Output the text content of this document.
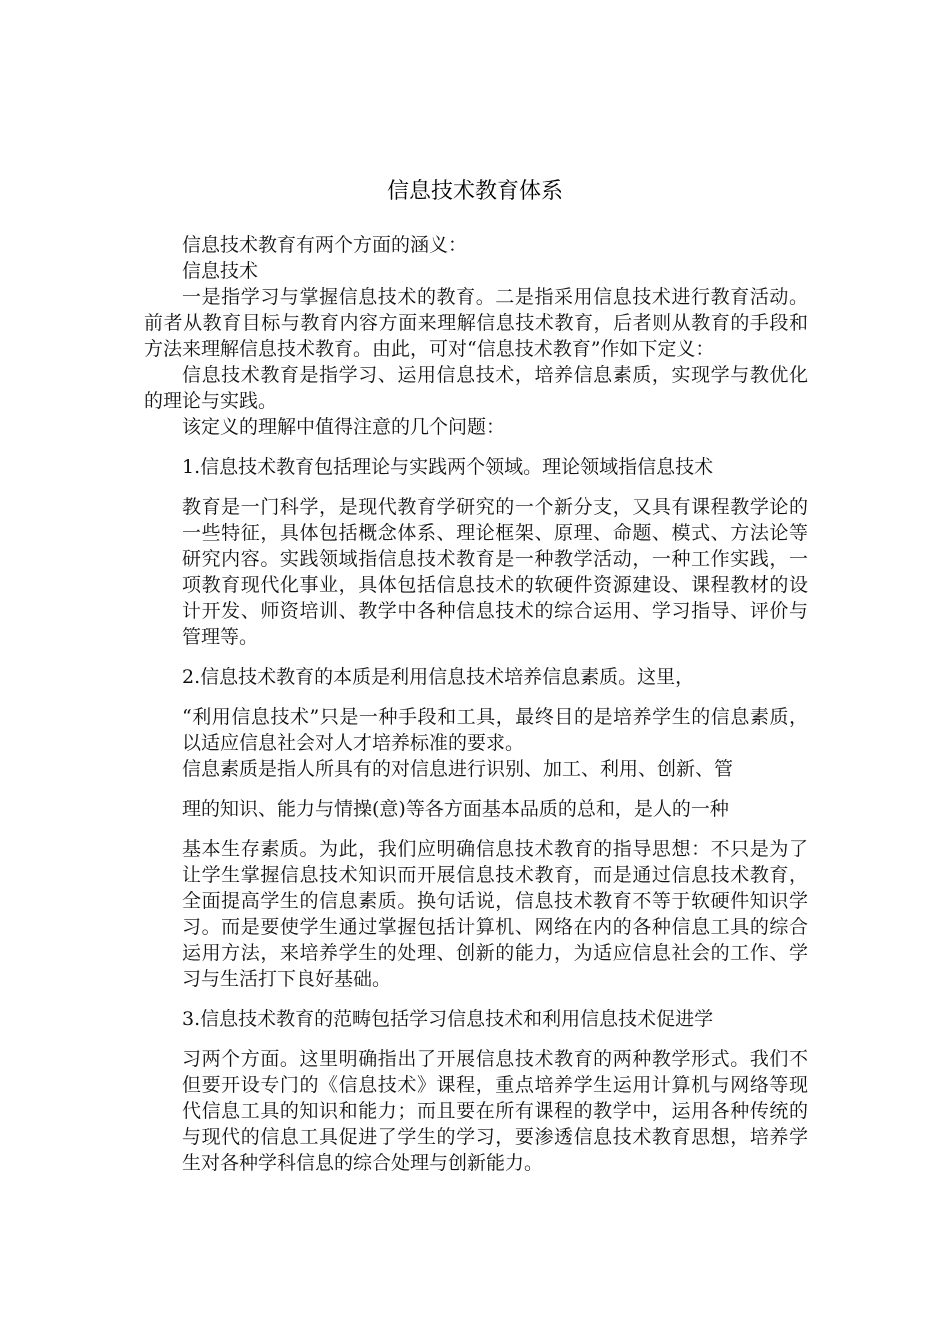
信息技术教育体系

信息技术教育有两个方面的涵义：

信息技术

一是指学习与掌握信息技术的教育。二是指采用信息技术进行教育活动。前者从教育目标与教育内容方面来理解信息技术教育，后者则从教育的手段和方法来理解信息技术教育。由此，可对“信息技术教育”作如下定义：

信息技术教育是指学习、运用信息技术，培养信息素质，实现学与教优化的理论与实践。

该定义的理解中值得注意的几个问题：

1.信息技术教育包括理论与实践两个领域。理论领域指信息技术

教育是一门科学，是现代教育学研究的一个新分支，又具有课程教学论的一些特征，具体包括概念体系、理论框架、原理、命题、模式、方法论等研究内容。实践领域指信息技术教育是一种教学活动，一种工作实践，一项教育现代化事业，具体包括信息技术的软硬件资源建设、课程教材的设计开发、师资培训、教学中各种信息技术的综合运用、学习指导、评价与管理等。

2.信息技术教育的本质是利用信息技术培养信息素质。这里，

“利用信息技术”只是一种手段和工具，最终目的是培养学生的信息素质，以适应信息社会对人才培养标准的要求。

信息素质是指人所具有的对信息进行识别、加工、利用、创新、管

理的知识、能力与情操(意)等各方面基本品质的总和，是人的一种

基本生存素质。为此，我们应明确信息技术教育的指导思想：不只是为了让学生掌握信息技术知识而开展信息技术教育，而是通过信息技术教育，全面提高学生的信息素质。换句话说，信息技术教育不等于软硬件知识学习。而是要使学生通过掌握包括计算机、网络在内的各种信息工具的综合运用方法，来培养学生的处理、创新的能力，为适应信息社会的工作、学习与生活打下良好基础。

3.信息技术教育的范畴包括学习信息技术和利用信息技术促进学

习两个方面。这里明确指出了开展信息技术教育的两种教学形式。我们不但要开设专门的《信息技术》课程，重点培养学生运用计算机与网络等现代信息工具的知识和能力；而且要在所有课程的教学中，运用各种传统的与现代的信息工具促进了学生的学习，要渗透信息技术教育思想，培养学生对各种学科信息的综合处理与创新能力。
